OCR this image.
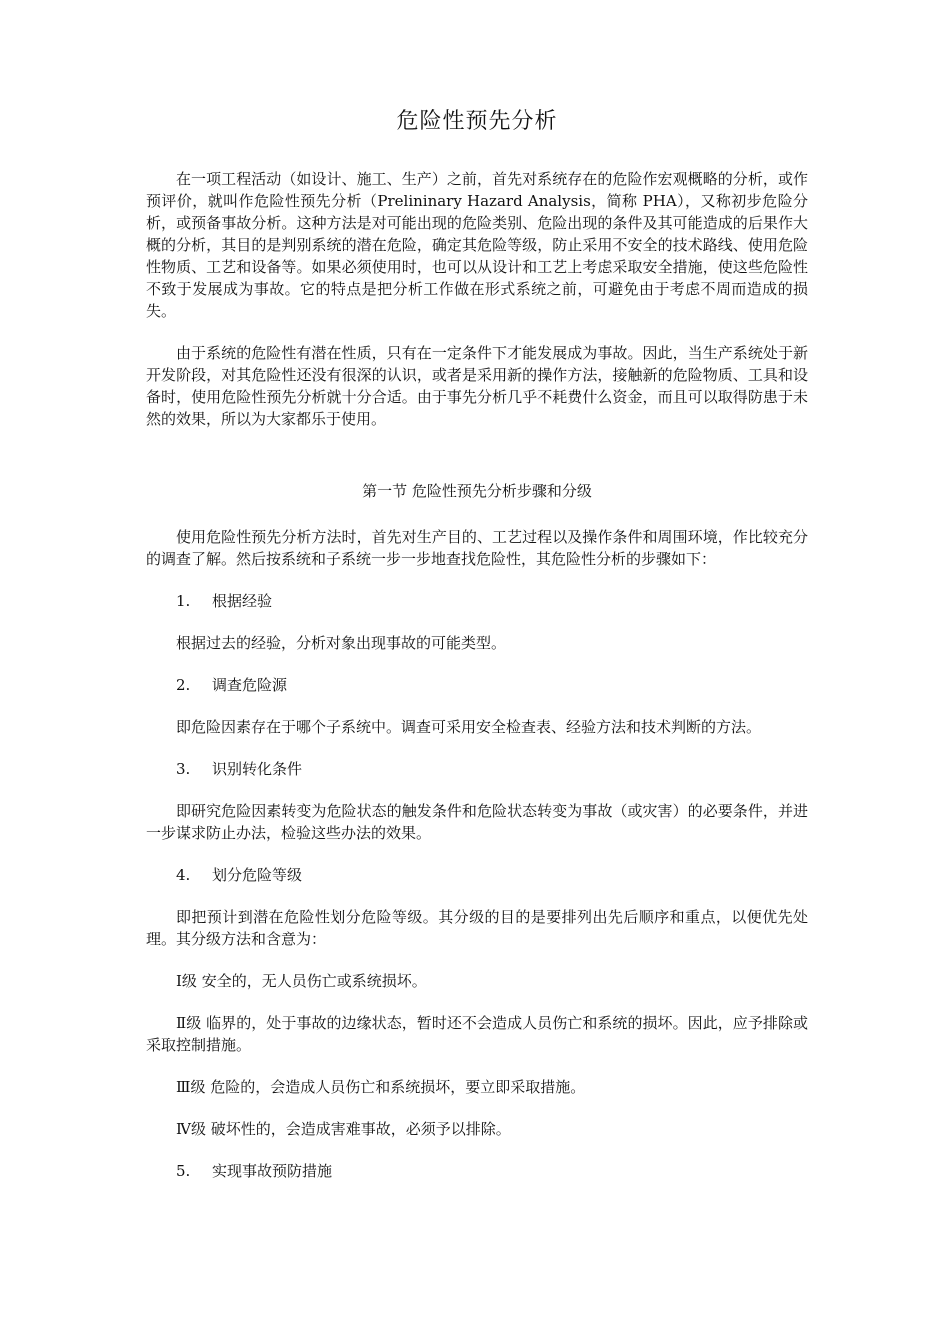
危险性预先分析

在一项工程活动（如设计、施工、生产）之前，首先对系统存在的危险作宏观概略的分析，或作预评价，就叫作危险性预先分析（Prelininary Hazard Analysis，简称 PHA），又称初步危险分析，或预备事故分析。这种方法是对可能出现的危险类别、危险出现的条件及其可能造成的后果作大概的分析，其目的是判别系统的潜在危险，确定其危险等级，防止采用不安全的技术路线、使用危险性物质、工艺和设备等。如果必须使用时，也可以从设计和工艺上考虑采取安全措施，使这些危险性不致于发展成为事故。它的特点是把分析工作做在形式系统之前，可避免由于考虑不周而造成的损失。

由于系统的危险性有潜在性质，只有在一定条件下才能发展成为事故。因此，当生产系统处于新开发阶段，对其危险性还没有很深的认识，或者是采用新的操作方法，接触新的危险物质、工具和设备时，使用危险性预先分析就十分合适。由于事先分析几乎不耗费什么资金，而且可以取得防患于未然的效果，所以为大家都乐于使用。

第一节 危险性预先分析步骤和分级

使用危险性预先分析方法时，首先对生产目的、工艺过程以及操作条件和周围环境，作比较充分的调查了解。然后按系统和子系统一步一步地查找危险性，其危险性分析的步骤如下：

1. 根据经验

根据过去的经验，分析对象出现事故的可能类型。

2. 调查危险源

即危险因素存在于哪个子系统中。调查可采用安全检查表、经验方法和技术判断的方法。

3. 识别转化条件

即研究危险因素转变为危险状态的触发条件和危险状态转变为事故（或灾害）的必要条件，并进一步谋求防止办法，检验这些办法的效果。

4. 划分危险等级

即把预计到潜在危险性划分危险等级。其分级的目的是要排列出先后顺序和重点，以便优先处理。其分级方法和含意为：

Ⅰ级 安全的，无人员伤亡或系统损坏。

Ⅱ级 临界的，处于事故的边缘状态，暂时还不会造成人员伤亡和系统的损坏。因此，应予排除或采取控制措施。

Ⅲ级 危险的，会造成人员伤亡和系统损坏，要立即采取措施。

Ⅳ级 破坏性的，会造成害难事故，必须予以排除。

5. 实现事故预防措施
